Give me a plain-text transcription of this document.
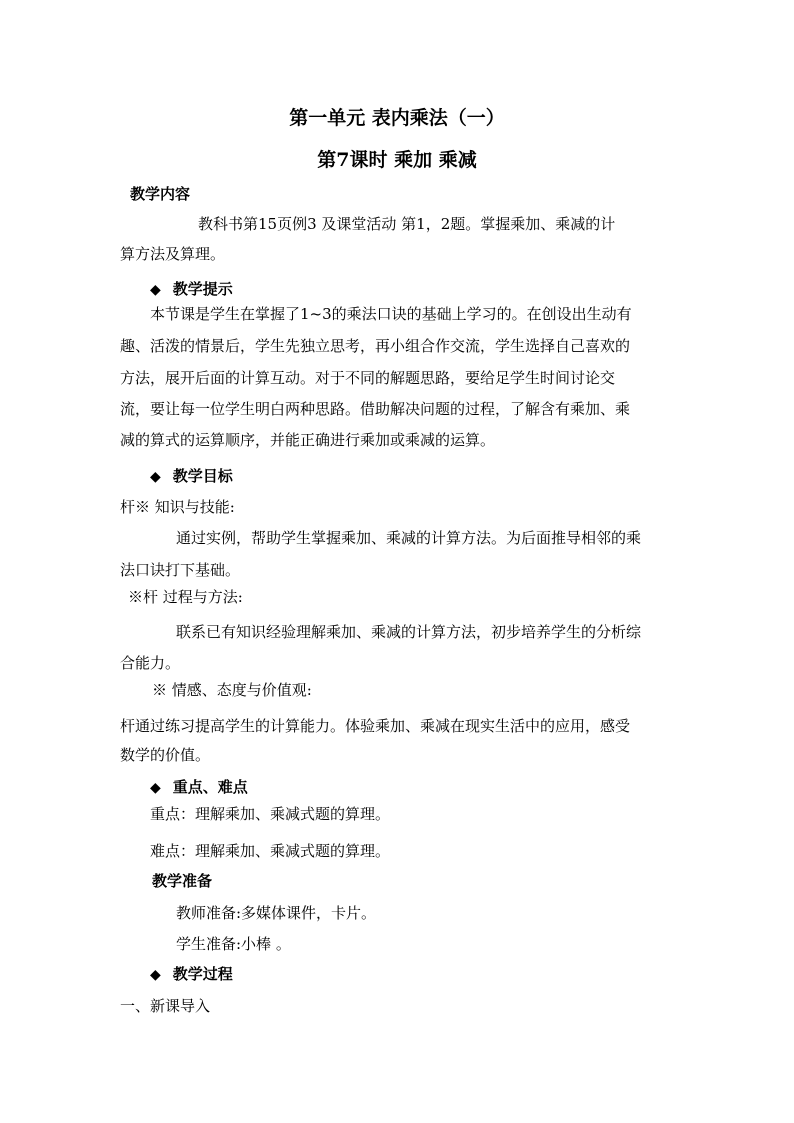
第一单元 表内乘法（一）
第7课时 乘加 乘减
教学内容
教科书第15页例3 及课堂活动 第1，2题。掌握乘加、乘减的计
算方法及算理。
◆ 教学提示
本节课是学生在掌握了1~3的乘法口诀的基础上学习的。在创设出生动有
趣、活泼的情景后，学生先独立思考，再小组合作交流，学生选择自己喜欢的
方法，展开后面的计算互动。对于不同的解题思路，要给足学生时间讨论交
流，要让每一位学生明白两种思路。借助解决问题的过程，了解含有乘加、乘
减的算式的运算顺序，并能正确进行乘加或乘减的运算。
◆ 教学目标
杆※ 知识与技能:
通过实例，帮助学生掌握乘加、乘减的计算方法。为后面推导相邻的乘
法口诀打下基础。
※杆 过程与方法:
联系已有知识经验理解乘加、乘减的计算方法，初步培养学生的分析综
合能力。
※ 情感、态度与价值观:
杆通过练习提高学生的计算能力。体验乘加、乘减在现实生活中的应用，感受
数学的价值。
◆ 重点、难点
重点：理解乘加、乘减式题的算理。
难点：理解乘加、乘减式题的算理。
教学准备
教师准备:多媒体课件，卡片。
学生准备:小棒 。
◆ 教学过程
一、新课导入
